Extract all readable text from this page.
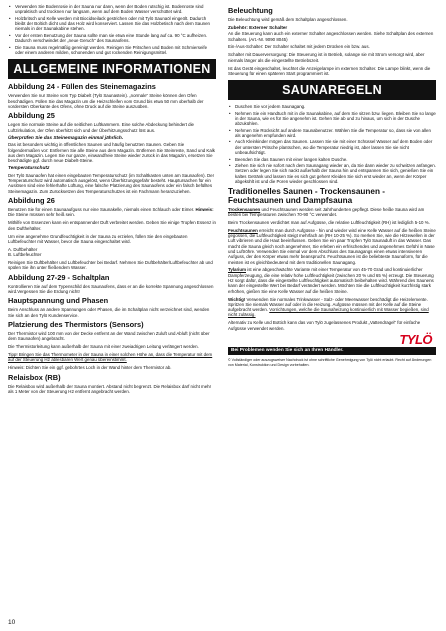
• Verwenden Sie Bodenrosie in der Sauna nur dann, wenn der Boden rutschig ist. Bodenroste sind unpraktisch und trocknen nur langsam, wenn auf dem Boden Wasser verschüttet wird.
• Holzbritsch und Kelle werden mit Biocidseilack gestrichen oder mit Tylö Saunaöl eingeölt. Dadurch bleibt der Boltich dicht und das Holz wird konserviert. Lassen Sie das Holzbetisch nach dem Saunen niemals in der Saunakabine stehen.
• Vor der ersten Benutzung der Sauna sollte man sie etwa eine Stunde lang auf ca. 90 °C aufheizen. Dadurch verschwindet der „neue Geruch“ des Saunaofens.
• Die Sauna muss regelmäßig gereinigt werden. Reinigen Sie Pritschen und Boden mit Schmierseife oder einem anderen milden, schonenden und gut rockenden Reinigungsmittel.
ALLGEMEINE INFORMATIONEN
Abbildung 24 - Füllen des Steinemagazins

Verwenden Sie nur Steine vom Typ Diabelt (Tylö Saunastein). „normale“ Steine können den Ofen beschädigen. Füllen Sie das Magazin um die Heizschleifen vom Grund bis etwa 50 mm oberhalb der vordersten Oberkante des Ofens, ohne Druck auf die Steine auszuüben.

Abbildung 25

Legen Sie normale Steine auf die seitlichen Luftkammern. Eine solche Abdeckung behindert die Luftzirkulation, der Ofen überhitzt sich und der Überhitzungsschutz löst aus.

Überprüfen Sie das Steinemagazin einmal jährlich.

Das ist besonders wichtig in öffentlichen Saunen und häufig benutzten Saunen. Geben Sie folgendermaßen vor: Entfernen Sie alle Steine aus dem Magazin. Entfernen Sie Steinreste, Sand und Kalk aus dem Magazin. Legen Sie nur ganze, einwandfreie Steine wieder zurück in das Magazin, ersetzen Sie beschädigte ggf. durch neue Diabelt-Steine.

Temperaturschutz

Der Tylö Saunaofen hat einen eingebauten Temperaturschutz (im Schaltkasten unten am Saunaofen). Der Temperaturschutz wird automatisch ausgelöst, wenn Überhitzungsgefahr besteht. Hauptursachen für ein Auslösen sind eine fehlerhafte Lüftung, eine falsche Platzierung des Saunaofens oder ein falsch befülltes Steinemagazin. Zum Zurücksetzen des Temperaturschutzes ist ein Fachmann heranzuziehen.

Abbildung 26

Benutzen Sie für einen Saunaaufguss nur eine Saunakelle, niemals einen Schlauch oder Eimer. Hinweis: Die Steine müssen sehr heiß sein.

Mithilfe von Essenzen kann ein entspannender Duft verbreitet werden. Geben Sie einige Tropfen Essenz in den Dufthehälter.

Um eine angenehme Grundfeuchtigkeit in der Sauna zu erzielen, füllen Sie den eingebauten Luftbefeuchter mit Wasser, bevor die Sauna eingeschaltet wird.

A. Duftbehälter

B. Luftbefeuchter

Reinigen Sie Duftbehälter und Luftbefeuchter bei Bedarf. Nehmen Sie Duftbehälter/Luftbefeuchter ab und spülen Sie ihn unter fließendem Wasser.

Abbildung 27-29 - Schaltplan

Kontrollieren Sie auf dem Typenschild des Saunaofens, dass er an die korrekte Spannung angeschlossen wird.Vergessen Sie die Erdung nicht!

Hauptspannung und Phasen

Beim Anschluss an andere Spannungen oder Phasen, die im Schaltplan nicht verzeichnet sind, wenden Sie sich an den Tylö Kundenservice.

Platzierung des Thermistors (Sensors)

Der Thermistor wird 100 mm von der Decke entfernt an der Wand zwischen Zuluft und Abluft (nicht über dem Saunaofen) angebracht.

Die Thermistorleitung kann außerhalb der Sauna mit einer zweiadrigen Leitung verlängert werden.

Tipp! Bringen Sie das Thermometer in der Sauna in einer solchen Höhe an, dass die Temperatur mit dem auf der Steuerung H2 ablesbaren Wert genau übereinstimmt.

Hinweis: Dichten Sie ein ggf. gebohrtes Loch in der Wand hinter dem Thermistor ab.

Relaisbox (RB)

Die Relaisbox wird außerhalb der Sauna montiert. Abstand nicht begrenzt. Die Relaisbox darf nicht mehr als 1 Meter von der Steuerung H2 entfernt angebracht werden.

Beleuchtung

Die Beleuchtung wird gemäß dem Schaltplan angeschlossen.

Zubehör: Externer Schalter

An die Steuerung kann auch ein externer Schalter angeschlossen werden. Siehe Schaltplan des externen Schalters. (Art.-Nr. 9090 8045)

Ein-/Aus-Schalter: Der Schalter schaltet mit jedem Drücken ein bzw. aus.

Schalter mit Dauerversorgung: Die Steuerung ist in Betrieb, solange sie mit Strom versorgt wird, aber niemals länger als die eingestellte Betriebszeit.

Ist das Gerät eingeschaltet, leuchtet die Anzeigelampe im externen Schalter. Die Lampe blinkt, wenn die Steuerung für einen späteren Start programmiert ist.

SAUNAREGELN
• Duschen Sie vor jedem Saunagang.
• Nehmen Sie ein Handtuch mit in die Saunakabine, auf dem Sie sitzen bzw. liegen. Bleiben Sie so lange in der Sauna, wie es für Sie angenehm ist. Gehen Sie ab und zu hinaus, um sich in der Dusche abzukühlen.
• Nehmen Sie Rücksicht auf andere Saunabenutzer. Wählen Sie die Temperatur so, dass sie von allen als angenehm empfunden wird.
• Auch Kleinkinder mögen das Saunen. Lassen Sie sie mit einer Schüssel Wasser auf dem Boden oder der untersten Pritsche plantschen, wo die Temperatur niedrig ist, aber lassen Sie sie nicht unbeaufsichtigt.
• Beenden Sie das Saunen mit einer langen kalten Dusche.
• Ziehen Sie sich nie sofort nach dem Saunagang wieder an, da Sie dann wieder zu schwitzen anfangen. Setzen oder legen Sie sich nackt außerhalb der Sauna hin und entspannen Sie sich, genießen Sie ein kaltes Getränk und lassen Sie es sich gut gehen! Kleiden Sie sich erst wieder an, wenn der Körper abgekühlt ist und die Poren wieder geschlossen sind.
Traditionelles Saunen - Trockensaunen - Feuchtsaunen und Dampfsauna

Trockensaunen und Feuchtsaunen werden seit Jahrhunderten gepflegt. Diese heiße Sauna wird am besten bei Temperaturen zwischen 70-90 °C verwendet.

Beim Trockensaunen verdichtet man auf Aufgüsse, die relative Luftfeuchtigkeit (RH) ist lediglich 5-10 %.

Feuchtsaunen erreicht man durch Aufgüsse - hin und wieder wird eine Kelle Wasser auf die heißen Steine gegossen, die Luftfeuchtigkeit steigt mehrfach an (RH 10-25 %). So merken Sie, wie die Hitzewellen in der Luft vibrieren und die Haut beeinflussen. Geben Sie ein paar Tropfen Tylö Saunaduft in das Wasser. Das macht die Sauna gleich noch angenehmer, Sie erleben ein erfrischendes und angenehmes Gefühl in Nase und Luftröhre. Verwenden Sie einmal vor dem Abschluss des Saunagangs einen etwas intensiveren Aufguss, der den Körper etwas mehr beansprucht. Feuchtsaunen ist die beliebteste Saunaform, für die meisten ist es gleichbedeutend mit dem traditionellen Saunagang.

Tylarium ist eine abgeschwächte Variante mit einer Temperatur von 45-70 Grad und kontinuierlicher Dampferzeugung, die eine relativ hohe Luftfeuchtigkeit (zwischen 20 % und 65 %) erzeugt. Die Steuerung H2 sorgt dafür, dass die eingestellte Luftfeuchtigkeit automatisch beibehalten wird. Während des Saunens kann der eingestellte Wert bei Bedarf verändert werden. Möchten Sie die Luftfeuchtigkeit kurzfristig stark erhöhen, gießen Sie eine Kelle Wasser auf die heißen Steine.

Wichtig! Verwenden Sie normales Trinkwasser - Salz- oder Meerwasser beschädigt die Heizelemente. Spritzen Sie niemals Wasser auf oder in die Heizung. Aufgüsse müssen mit der Kelle auf die Steine aufgebracht werden. Vorrichtungen, welche die Saunaheizung kontinuierlich mit Wasser begießen, sind nicht zulässig.

Alternativ zu Kelle und Bottich kann das von Tylö zugelassenes Produkt „Vattendragel“ für einfache Aufgüsse verwendet werden.

TYLÖ
Bei Problemen wenden Sie sich an Ihren Händler.

© Vollständiger oder auszugsweiser Nachdruck ist ohne schriftliche Genehmigung von Tylö nicht erlaubt. Recht auf Änderungen von Material, Konstruktion und Design vorbehalten.

10
